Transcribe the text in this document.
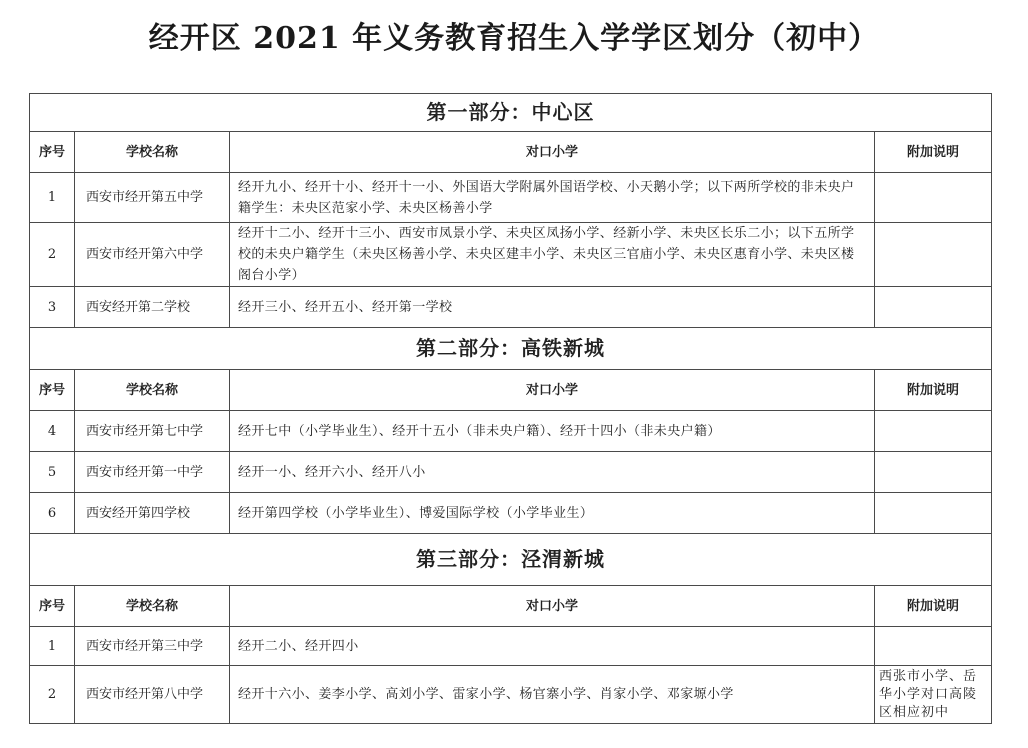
经开区 2021 年义务教育招生入学学区划分（初中）
第一部分：中心区			
序号	学校名称	对口小学	附加说明
1	西安市经开第五中学	经开九小、经开十小、经开十一小、外国语大学附属外国语学校、小天鹅小学；以下两所学校的非未央户籍学生：未央区范家小学、未央区杨善小学	
2	西安市经开第六中学	经开十二小、经开十三小、西安市凤景小学、未央区凤扬小学、经新小学、未央区长乐二小；以下五所学校的未央户籍学生（未央区杨善小学、未央区建丰小学、未央区三官庙小学、未央区惠育小学、未央区楼阁台小学）	
3	西安经开第二学校	经开三小、经开五小、经开第一学校	
第二部分：高铁新城			
序号	学校名称	对口小学	附加说明
4	西安市经开第七中学	经开七中（小学毕业生）、经开十五小（非未央户籍）、经开十四小（非未央户籍）	
5	西安市经开第一中学	经开一小、经开六小、经开八小	
6	西安经开第四学校	经开第四学校（小学毕业生）、博爱国际学校（小学毕业生）	
第三部分：泾渭新城			
序号	学校名称	对口小学	附加说明
1	西安市经开第三中学	经开二小、经开四小	
2	西安市经开第八中学	经开十六小、姜李小学、高刘小学、雷家小学、杨官寨小学、肖家小学、邓家塬小学	西张市小学、岳华小学对口高陵区相应初中
